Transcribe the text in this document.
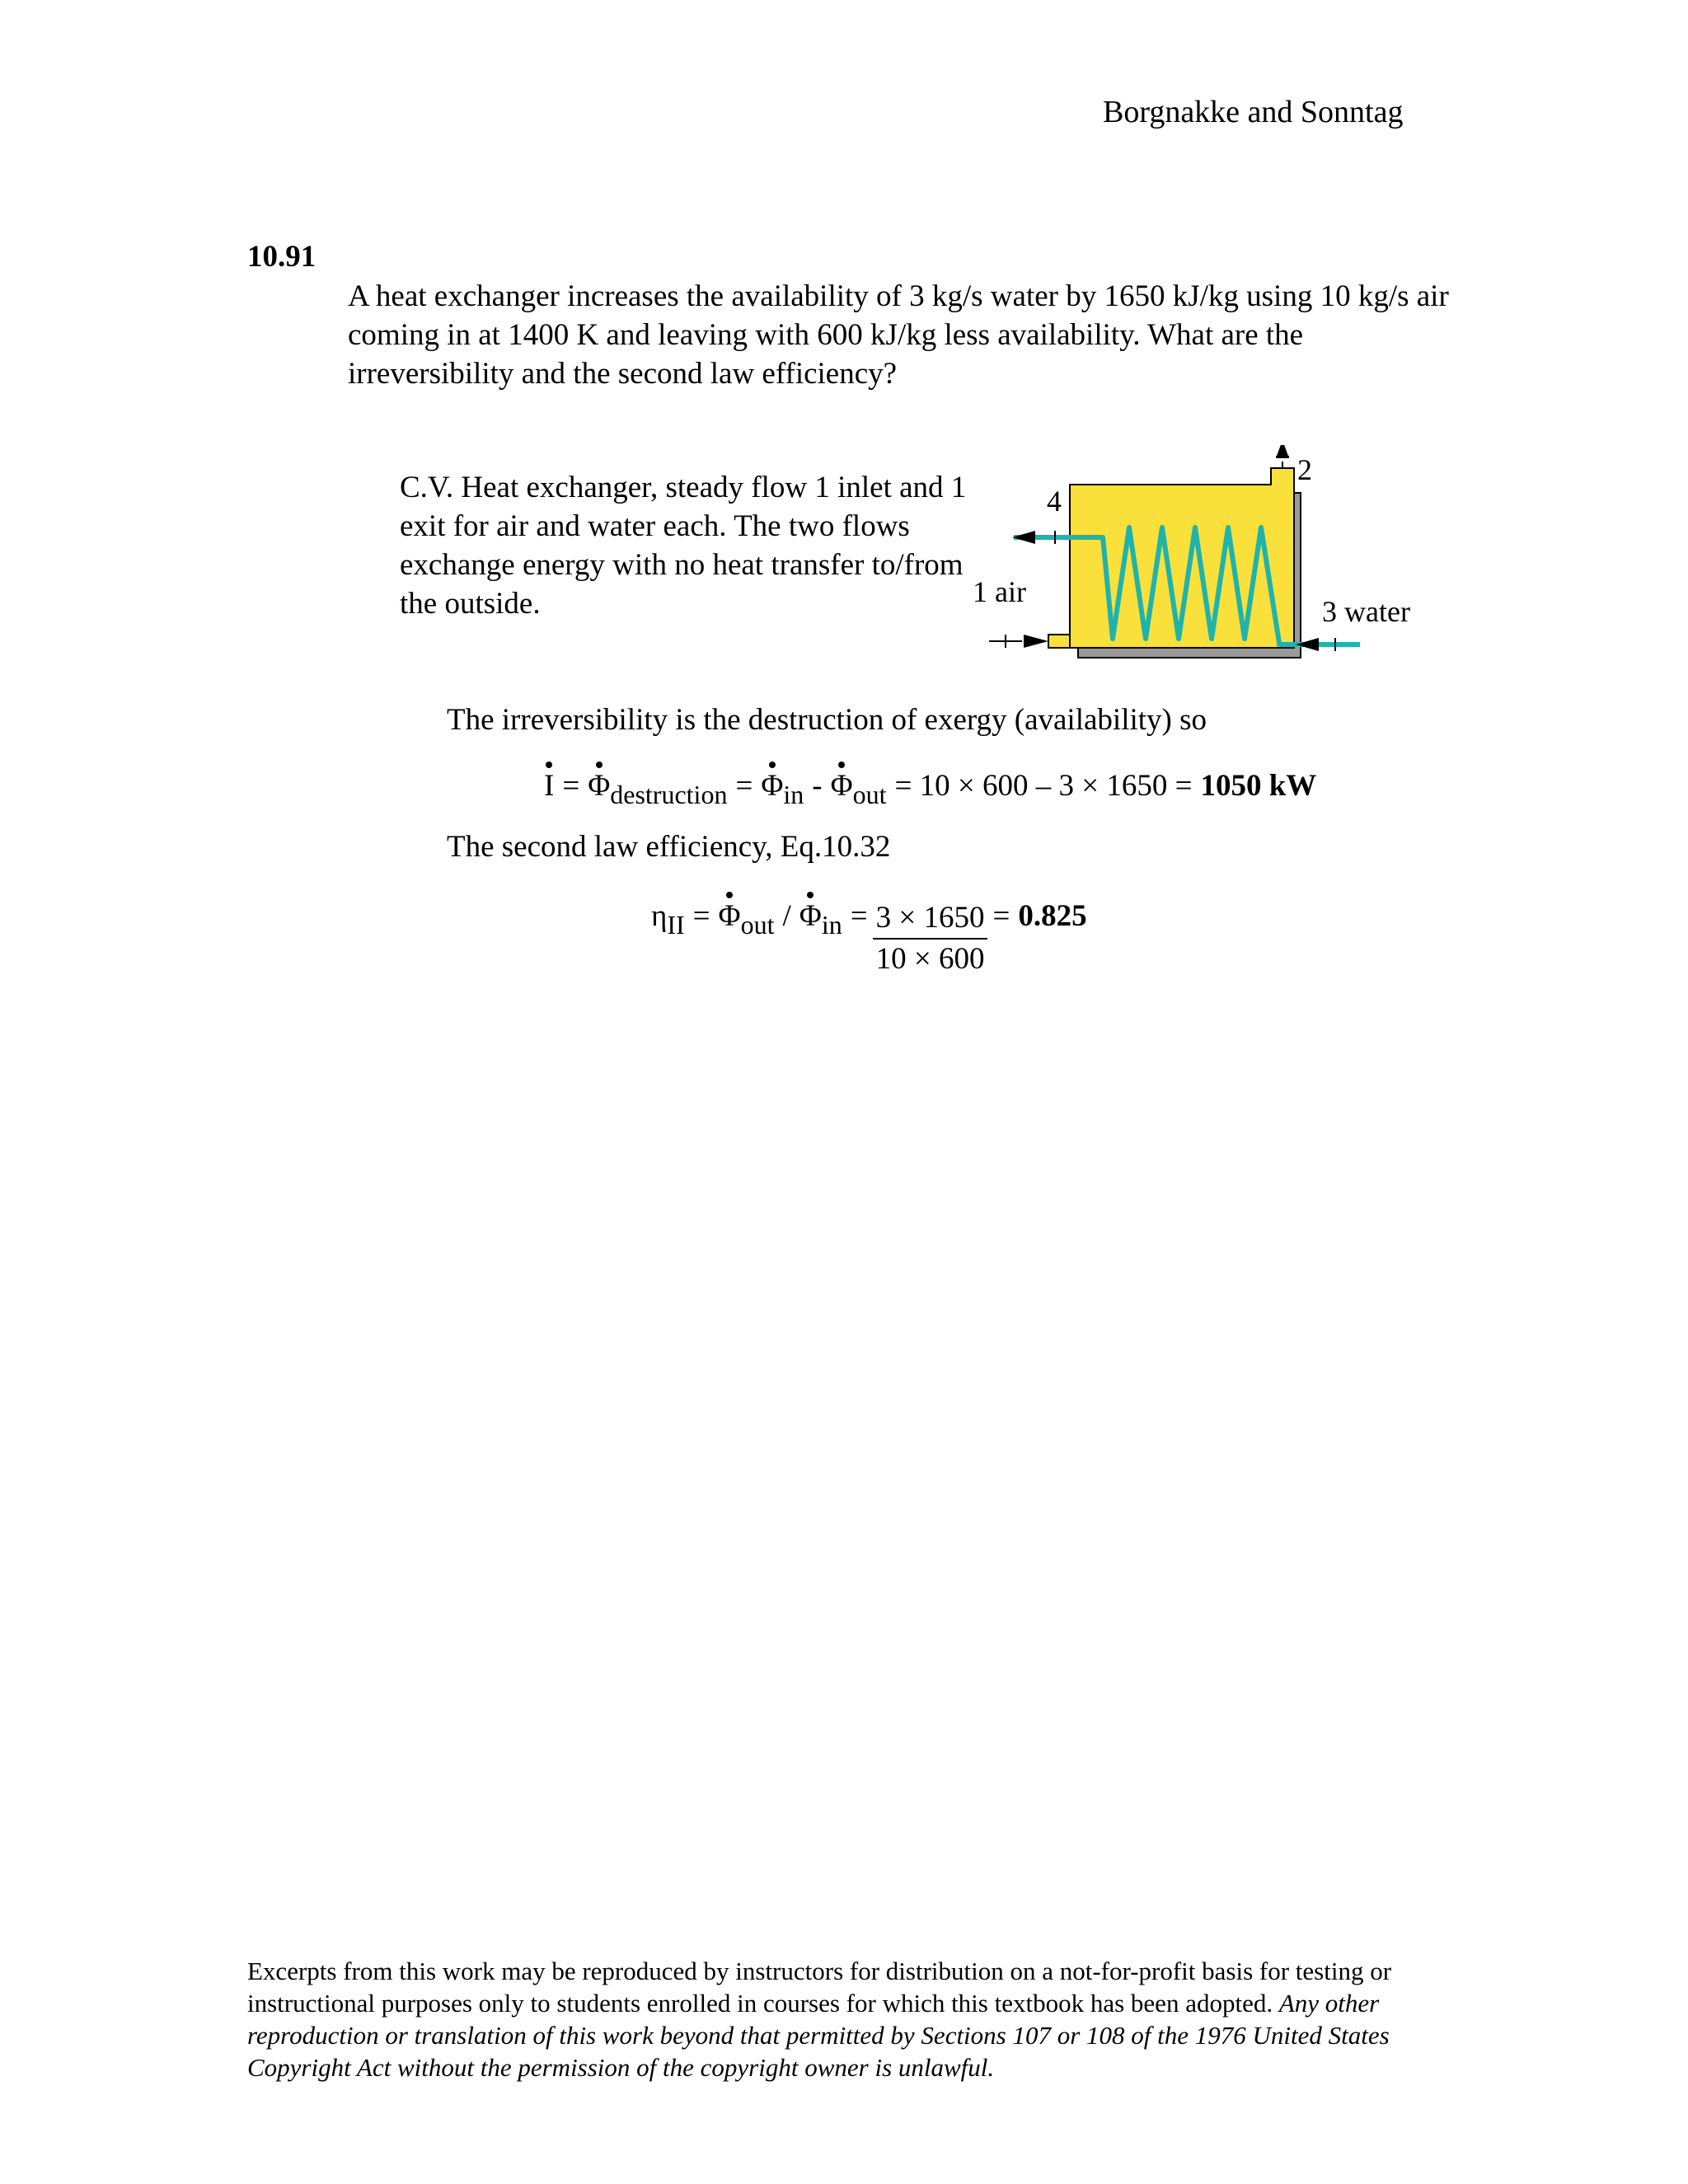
Borgnakke and Sonntag
10.91
A heat exchanger increases the availability of 3 kg/s water by 1650 kJ/kg using 10 kg/s air coming in at 1400 K and leaving with 600 kJ/kg less availability. What are the irreversibility and the second law efficiency?
C.V. Heat exchanger, steady flow 1 inlet and 1 exit for air and water each. The two flows exchange energy with no heat transfer to/from the outside.
4
1 air
2
3 water
The irreversibility is the destruction of exergy (availability) so
I = Φ destruction = Φ in - Φ out = 10 × 600 – 3 × 1650 = 1050 kW
The second law efficiency, Eq.10.32
η II = Φ out / Φ in = $\frac{3 \times 1650}{10 \times 600} = 0.825$
Excerpts from this work may be reproduced by instructors for distribution on a not-for-profit basis for testing or instructional purposes only to students enrolled in courses for which this textbook has been adopted. Any other reproduction or translation of this work beyond that permitted by Sections 107 or 108 of the 1976 United States Copyright Act without the permission of the copyright owner is unlawful.
